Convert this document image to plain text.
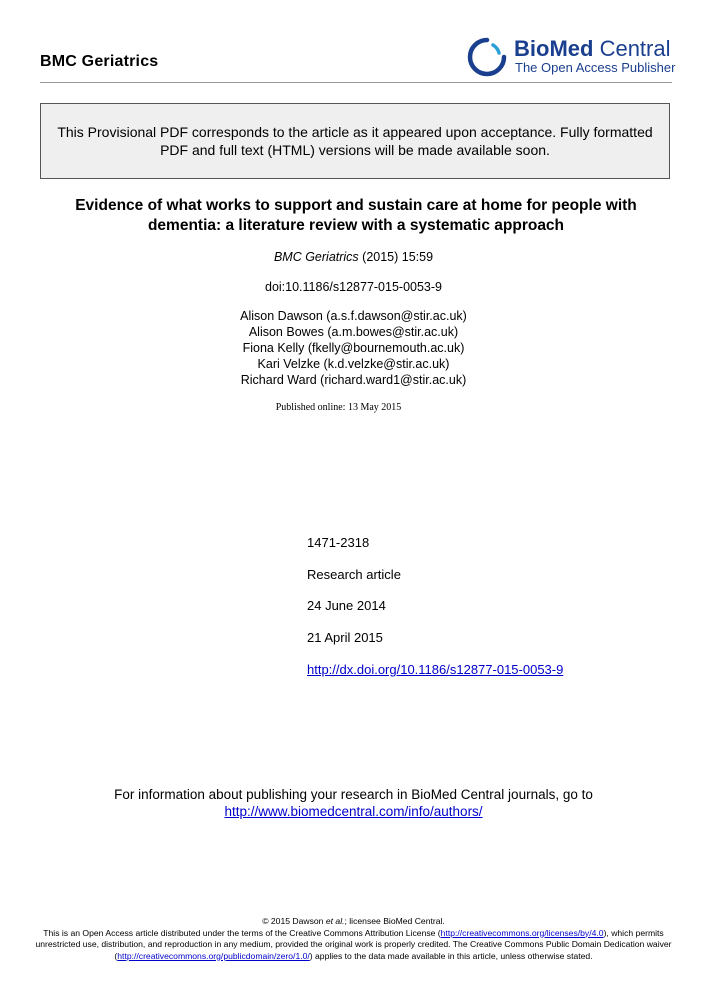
BMC Geriatrics
BioMed Central
The Open Access Publisher
This Provisional PDF corresponds to the article as it appeared upon acceptance. Fully formatted PDF and full text (HTML) versions will be made available soon.
Evidence of what works to support and sustain care at home for people with dementia: a literature review with a systematic approach
BMC Geriatrics (2015) 15:59
doi:10.1186/s12877-015-0053-9
Alison Dawson (a.s.f.dawson@stir.ac.uk)
Alison Bowes (a.m.bowes@stir.ac.uk)
Fiona Kelly (fkelly@bournemouth.ac.uk)
Kari Velzke (k.d.velzke@stir.ac.uk)
Richard Ward (richard.ward1@stir.ac.uk)
Published online: 13 May 2015
1471-2318
Research article
24 June 2014
21 April 2015
http://dx.doi.org/10.1186/s12877-015-0053-9
For information about publishing your research in BioMed Central journals, go to
http://www.biomedcentral.com/info/authors/
© 2015 Dawson et al.; licensee BioMed Central.
This is an Open Access article distributed under the terms of the Creative Commons Attribution License (http://creativecommons.org/licenses/by/4.0), which permits unrestricted use, distribution, and reproduction in any medium, provided the original work is properly credited. The Creative Commons Public Domain Dedication waiver (http://creativecommons.org/publicdomain/zero/1.0/) applies to the data made available in this article, unless otherwise stated.
